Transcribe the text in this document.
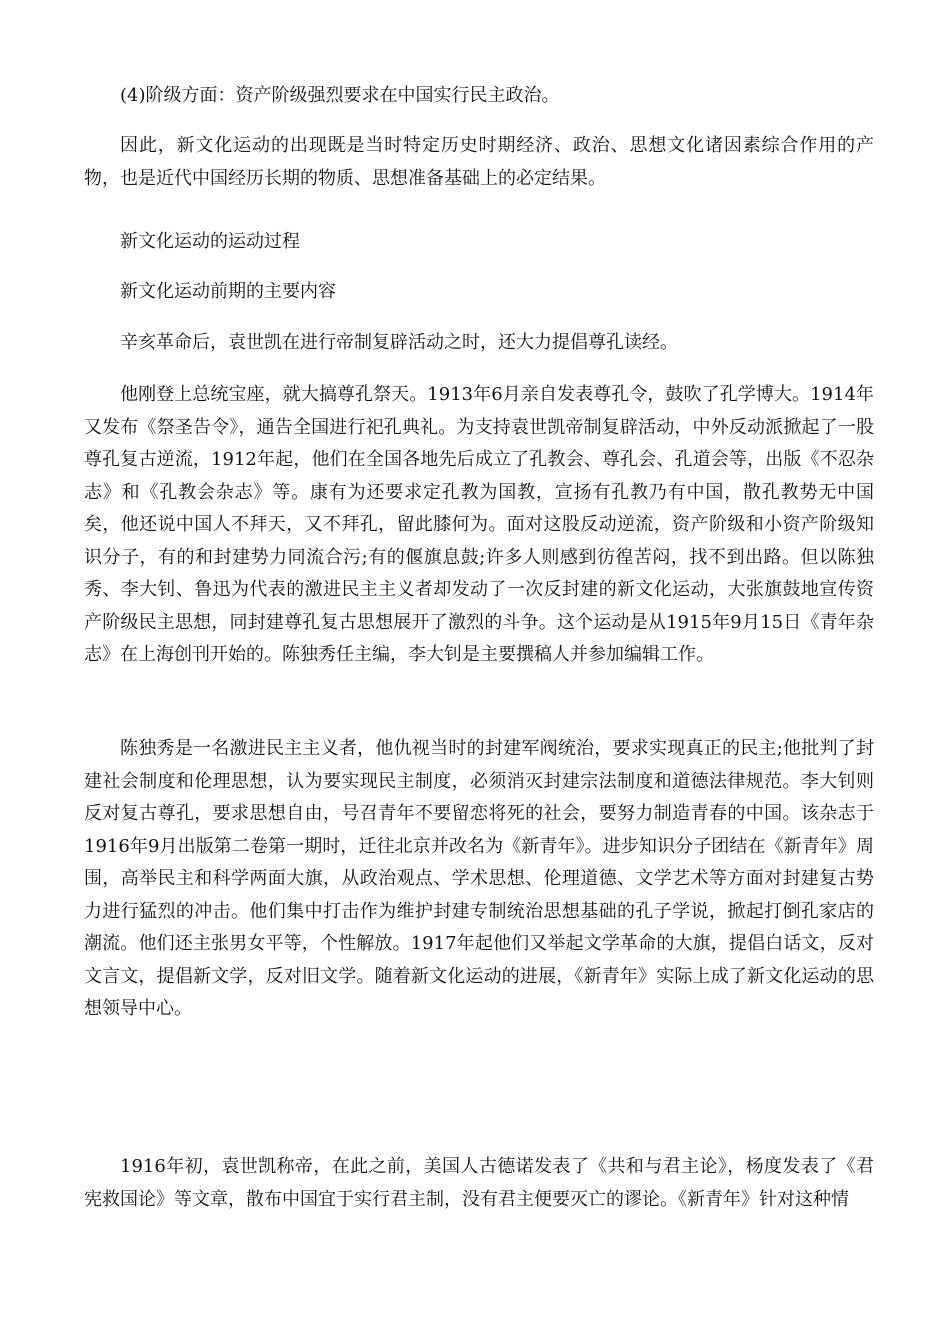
(4)阶级方面：资产阶级强烈要求在中国实行民主政治。

因此，新文化运动的出现既是当时特定历史时期经济、政治、思想文化诸因素综合作用的产物，也是近代中国经历长期的物质、思想准备基础上的必定结果。

新文化运动的运动过程

新文化运动前期的主要内容

辛亥革命后，袁世凯在进行帝制复辟活动之时，还大力提倡尊孔读经。

他刚登上总统宝座，就大搞尊孔祭天。1913年6月亲自发表尊孔令，鼓吹了孔学博大。1914年又发布《祭圣告令》，通告全国进行祀孔典礼。为支持袁世凯帝制复辟活动，中外反动派掀起了一股尊孔复古逆流，1912年起，他们在全国各地先后成立了孔教会、尊孔会、孔道会等，出版《不忍杂志》和《孔教会杂志》等。康有为还要求定孔教为国教，宣扬有孔教乃有中国，散孔教势无中国矣，他还说中国人不拜天，又不拜孔，留此膝何为。面对这股反动逆流，资产阶级和小资产阶级知识分子，有的和封建势力同流合污;有的偃旗息鼓;许多人则感到彷徨苦闷，找不到出路。但以陈独秀、李大钊、鲁迅为代表的激进民主主义者却发动了一次反封建的新文化运动，大张旗鼓地宣传资产阶级民主思想，同封建尊孔复古思想展开了激烈的斗争。这个运动是从1915年9月15日《青年杂志》在上海创刊开始的。陈独秀任主编，李大钊是主要撰稿人并参加编辑工作。

陈独秀是一名激进民主主义者，他仇视当时的封建军阀统治，要求实现真正的民主;他批判了封建社会制度和伦理思想，认为要实现民主制度，必须消灭封建宗法制度和道德法律规范。李大钊则反对复古尊孔，要求思想自由，号召青年不要留恋将死的社会，要努力制造青春的中国。该杂志于1916年9月出版第二卷第一期时，迁往北京并改名为《新青年》。进步知识分子团结在《新青年》周围，高举民主和科学两面大旗，从政治观点、学术思想、伦理道德、文学艺术等方面对封建复古势力进行猛烈的冲击。他们集中打击作为维护封建专制统治思想基础的孔子学说，掀起打倒孔家店的潮流。他们还主张男女平等，个性解放。1917年起他们又举起文学革命的大旗，提倡白话文，反对文言文，提倡新文学，反对旧文学。随着新文化运动的进展，《新青年》实际上成了新文化运动的思想领导中心。

1916年初，袁世凯称帝，在此之前，美国人古德诺发表了《共和与君主论》，杨度发表了《君宪救国论》等文章，散布中国宜于实行君主制，没有君主便要灭亡的谬论。《新青年》针对这种情
